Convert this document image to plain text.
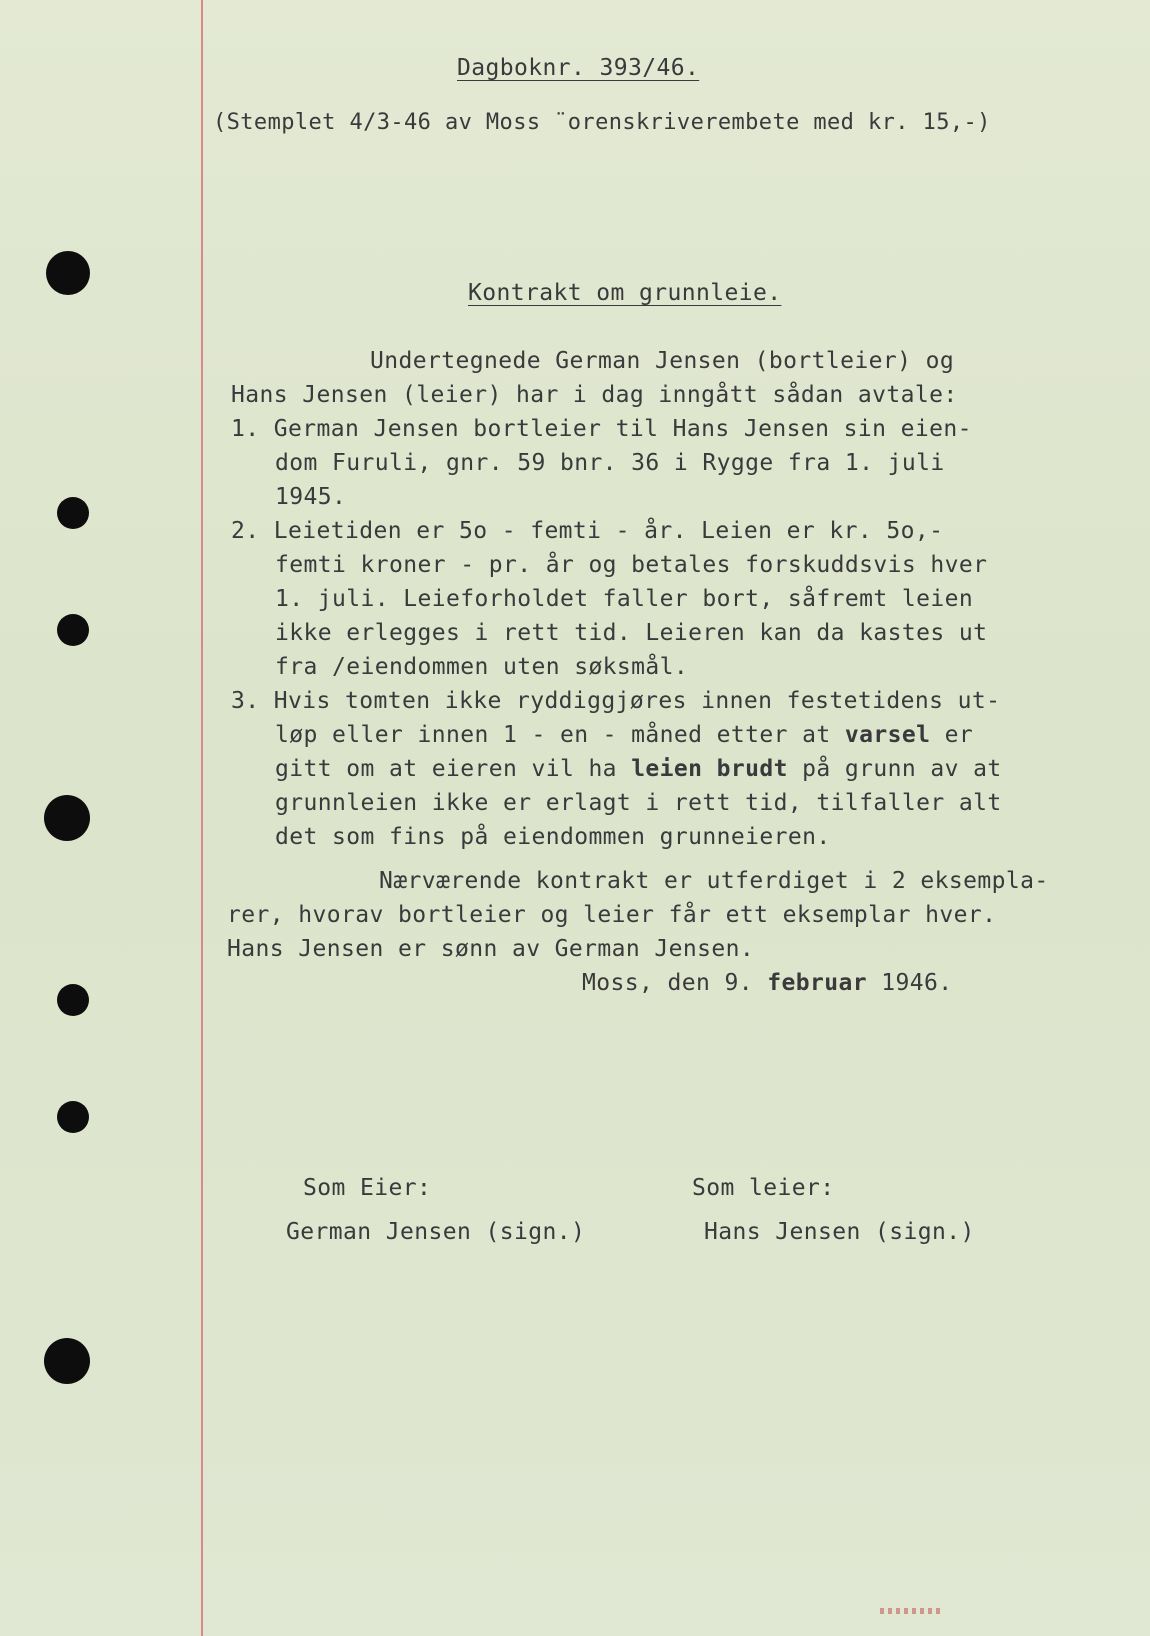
Dagboknr. 393/46.
(Stemplet 4/3-46 av Moss ¨orenskriverembete med kr. 15,-)
Kontrakt om grunnleie.
Undertegnede German Jensen (bortleier) og
Hans Jensen (leier) har i dag inngått sådan avtale:
1. German Jensen bortleier til Hans Jensen sin eien-
dom Furuli, gnr. 59 bnr. 36 i Rygge fra 1. juli
1945.
2. Leietiden er 5o - femti - år. Leien er kr. 5o,-
femti kroner - pr. år og betales forskuddsvis hver
1. juli. Leieforholdet faller bort, såfremt leien
ikke erlegges i rett tid. Leieren kan da kastes ut
fra /eiendommen uten søksmål.
3. Hvis tomten ikke ryddiggjøres innen festetidens ut-
løp eller innen 1 - en - måned etter at varsel er
gitt om at eieren vil ha leien brudt på grunn av at
grunnleien ikke er erlagt i rett tid, tilfaller alt
det som fins på eiendommen grunneieren.
Nærværende kontrakt er utferdiget i 2 eksempla-
rer, hvorav bortleier og leier får ett eksemplar hver.
Hans Jensen er sønn av German Jensen.
Moss, den 9. februar 1946.
Som Eier:
German Jensen (sign.)
Som leier:
Hans Jensen (sign.)
